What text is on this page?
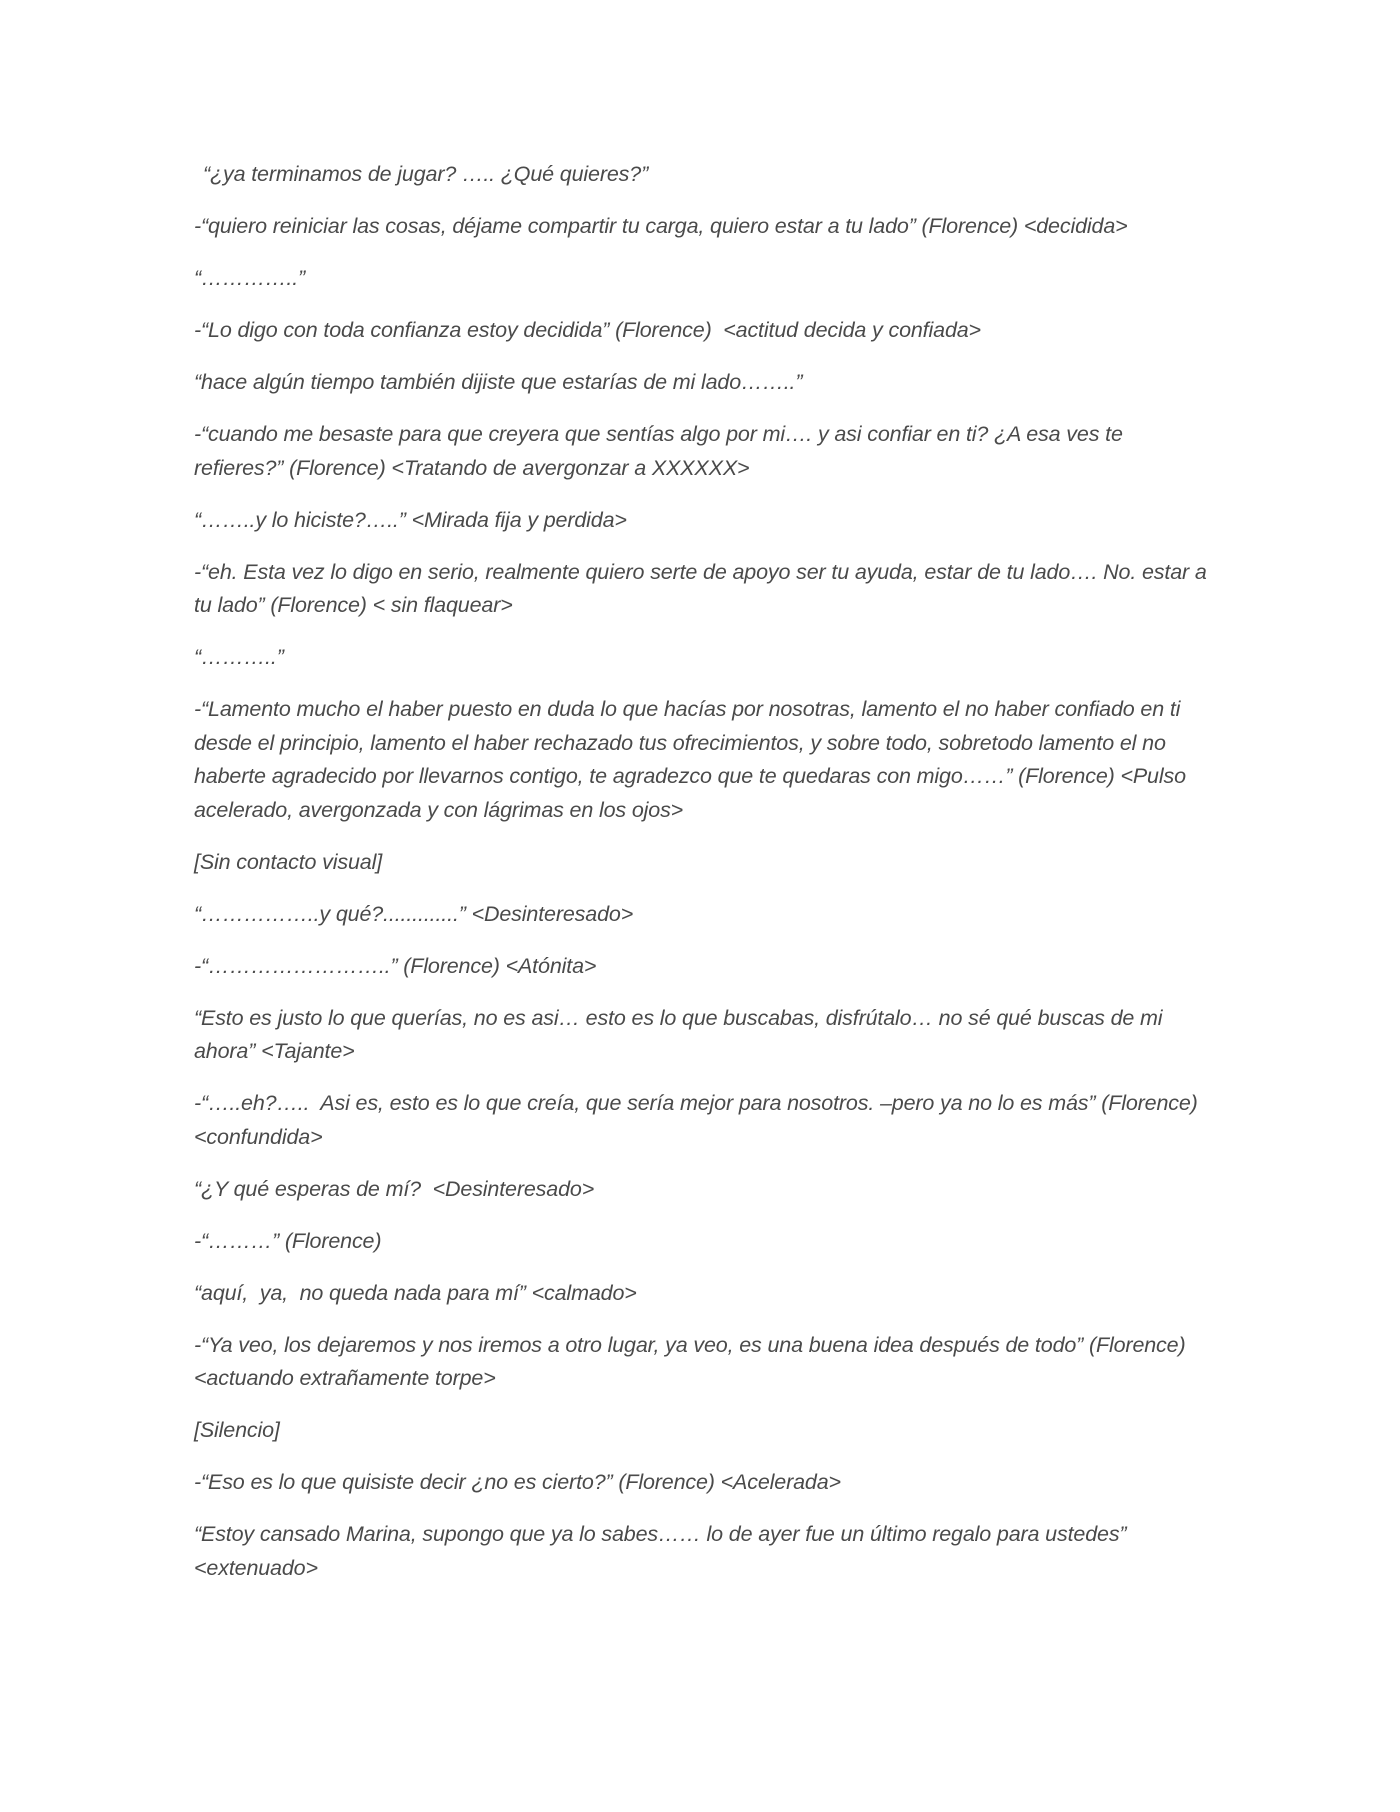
“¿ya terminamos de jugar? ….. ¿Qué quieres?”

-“quiero reiniciar las cosas, déjame compartir tu carga, quiero estar a tu lado” (Florence) <decidida>

“…………..”

-“Lo digo con toda confianza estoy decidida” (Florence)  <actitud decida y confiada>

“hace algún tiempo también dijiste que estarías de mi lado……..”

-“cuando me besaste para que creyera que sentías algo por mi…. y asi confiar en ti? ¿A esa ves te refieres?” (Florence) <Tratando de avergonzar a XXXXXX>

“……..y lo hiciste?…..” <Mirada fija y perdida>

-“eh. Esta vez lo digo en serio, realmente quiero serte de apoyo ser tu ayuda, estar de tu lado…. No. estar a tu lado” (Florence) < sin flaquear>

“………..”

-“Lamento mucho el haber puesto en duda lo que hacías por nosotras, lamento el no haber confiado en ti desde el principio, lamento el haber rechazado tus ofrecimientos, y sobre todo, sobretodo lamento el no haberte agradecido por llevarnos contigo, te agradezco que te quedaras con migo……” (Florence) <Pulso acelerado, avergonzada y con lágrimas en los ojos>

[Sin contacto visual]

“……………..y qué?.............” <Desinteresado>

-“……………………..” (Florence) <Atónita>

“Esto es justo lo que querías, no es asi… esto es lo que buscabas, disfrútalo… no sé qué buscas de mi ahora” <Tajante>

-“…..eh?…..  Asi es, esto es lo que creía, que sería mejor para nosotros. –pero ya no lo es más” (Florence) <confundida>

“¿Y qué esperas de mí?  <Desinteresado>

-“………” (Florence)

“aquí,  ya,  no queda nada para mí” <calmado>

-“Ya veo, los dejaremos y nos iremos a otro lugar, ya veo, es una buena idea después de todo” (Florence) <actuando extrañamente torpe>

[Silencio]

-“Eso es lo que quisiste decir ¿no es cierto?” (Florence) <Acelerada>

“Estoy cansado Marina, supongo que ya lo sabes…… lo de ayer fue un último regalo para ustedes” <extenuado>
